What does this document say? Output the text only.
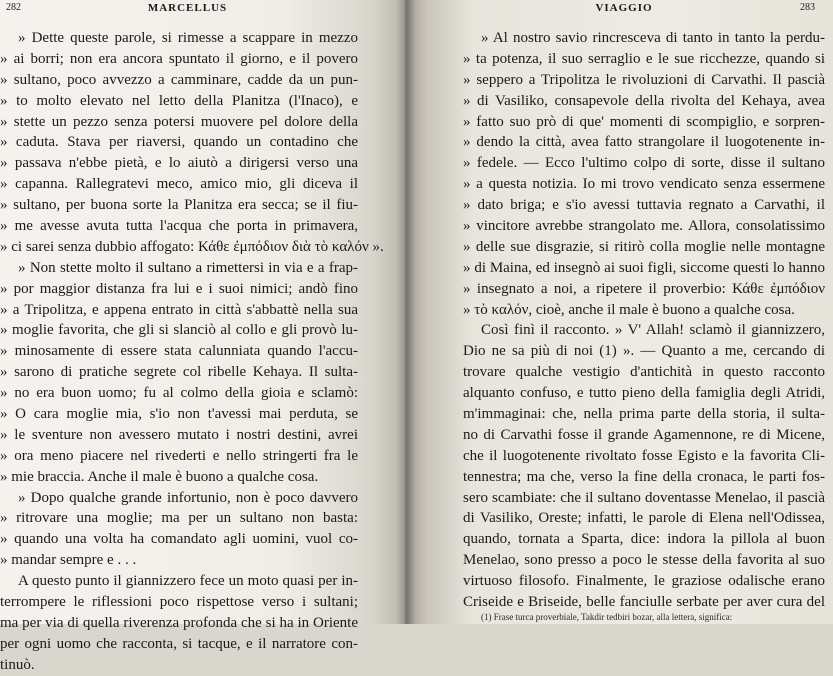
282	MARCELLUS
» Dette queste parole, si rimesse a scappare in mezzo
» ai borri; non era ancora spuntato il giorno, e il povero
» sultano, poco avvezzo a camminare, cadde da un pun-
» to molto elevato nel letto della Planitza (l'Inaco), e
» stette un pezzo senza potersi muovere pel dolore della
» caduta. Stava per riaversi, quando un contadino che
» passava n'ebbe pietà, e lo aiutò a dirigersi verso una
» capanna. Rallegratevi meco, amico mio, gli diceva il
» sultano, per buona sorte la Planitza era secca; se il fiu-
» me avesse avuta tutta l'acqua che porta in primavera,
» ci sarei senza dubbio affogato: Κάθε ἐμπόδιον διὰ τὸ καλόν ».
» Non stette molto il sultano a rimettersi in via e a frap-
» por maggior distanza fra lui e i suoi nimici; andò fino
» a Tripolitza, e appena entrato in città s'abbattè nella sua
» moglie favorita, che gli si slanciò al collo e gli provò lu-
» minosamente di essere stata calunniata quando l'accu-
» sarono di pratiche segrete col ribelle Kehaya. Il sulta-
» no era buon uomo; fu al colmo della gioia e sclamò:
» O cara moglie mia, s'io non t'avessi mai perduta, se
» le sventure non avessero mutato i nostri destini, avrei
» ora meno piacere nel rivederti e nello stringerti fra le
» mie braccia. Anche il male è buono a qualche cosa.
» Dopo qualche grande infortunio, non è poco davvero
» ritrovare una moglie; ma per un sultano non basta:
» quando una volta ha comandato agli uomini, vuol co-
» mandar sempre e . . .
A questo punto il giannizzero fece un moto quasi per in-
terrompere le riflessioni poco rispettose verso i sultani;
ma per via di quella riverenza profonda che si ha in Oriente
per ogni uomo che racconta, si tacque, e il narratore con-
tinuò.
VIAGGIO	283
» Al nostro savio rincresceva di tanto in tanto la perdu-
» ta potenza, il suo serraglio e le sue ricchezze, quando si
» seppero a Tripolitza le rivoluzioni di Carvathi. Il pascià
» di Vasiliko, consapevole della rivolta del Kehaya, avea
» fatto suo prò di que' momenti di scompiglio, e sorpren-
» dendo la città, avea fatto strangolare il luogotenente in-
» fedele. — Ecco l'ultimo colpo di sorte, disse il sultano
» a questa notizia. Io mi trovo vendicato senza essermene
» dato briga; e s'io avessi tuttavia regnato a Carvathi, il
» vincitore avrebbe strangolato me. Allora, consolatissimo
» delle sue disgrazie, si ritirò colla moglie nelle montagne
» di Maina, ed insegnò ai suoi figli, siccome questi lo hanno
» insegnato a noi, a ripetere il proverbio: Κάθε ἐμπόδιον
» τὸ καλόν, cioè, anche il male è buono a qualche cosa.
Così finì il racconto. » V' Allah! sclamò il giannizzero,
Dio ne sa più di noi (1) ». — Quanto a me, cercando di
trovare qualche vestigio d'antichità in questo racconto
alquanto confuso, e tutto pieno della famiglia degli Atridi,
m'immaginai: che, nella prima parte della storia, il sulta-
no di Carvathi fosse il grande Agamennone, re di Micene,
che il luogotenente rivoltato fosse Egisto e la favorita Cli-
tennestra; ma che, verso la fine della cronaca, le parti fos-
sero scambiate: che il sultano doventasse Menelao, il pascià
di Vasiliko, Oreste; infatti, le parole di Elena nell'Odissea,
quando, tornata a Sparta, dice: indora la pillola al buon
Menelao, sono presso a poco le stesse della favorita al suo
virtuoso filosofo. Finalmente, le graziose odalische erano
Criseide e Briseide, belle fanciulle serbate per aver cura del
(1) Frase turca proverbiale, Takdir tedbiri bozar, alla lettera, significa:
